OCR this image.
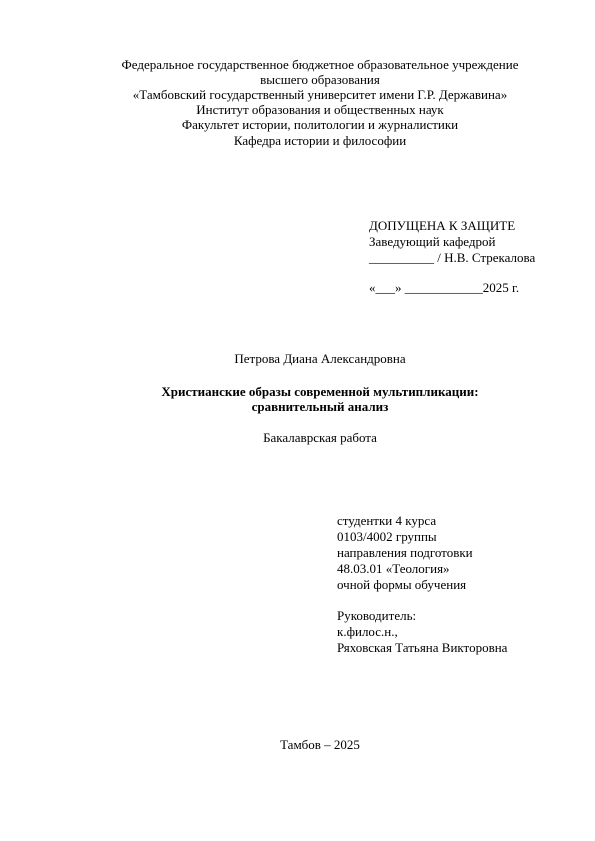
Федеральное государственное бюджетное образовательное учреждение
высшего образования
«Тамбовский государственный университет имени Г.Р. Державина»
Институт образования и общественных наук
Факультет истории, политологии и журналистики
Кафедра истории и философии
ДОПУЩЕНА К ЗАЩИТЕ
Заведующий кафедрой
__________ / Н.В. Стрекалова
«___» ____________2025 г.
Петрова Диана Александровна
Христианские образы современной мультипликации:
сравнительный анализ
Бакалаврская работа
студентки 4 курса
0103/4002 группы
направления подготовки
48.03.01 «Теология»
очной формы обучения
Руководитель:
к.филос.н.,
Ряховская Татьяна Викторовна
Тамбов – 2025
